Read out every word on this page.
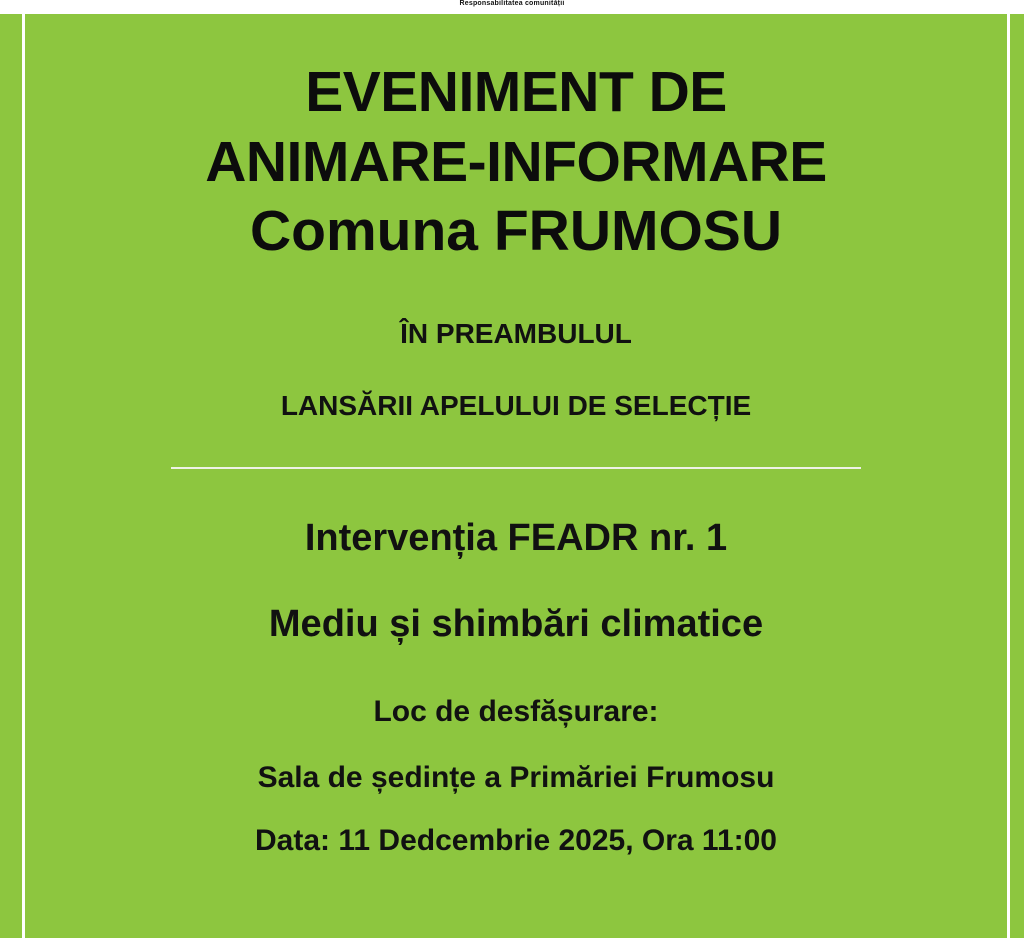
Responsabilitatea comunității
EVENIMENT DE
ANIMARE-INFORMARE
Comuna FRUMOSU
ÎN PREAMBULUL
LANSĂRII APELULUI DE SELECȚIE
Intervenția FEADR nr. 1
Mediu și shimbări climatice
Loc de desfășurare:
Sala de ședințe a Primăriei Frumosu
Data: 11 Dedcembrie 2025, Ora 11:00
